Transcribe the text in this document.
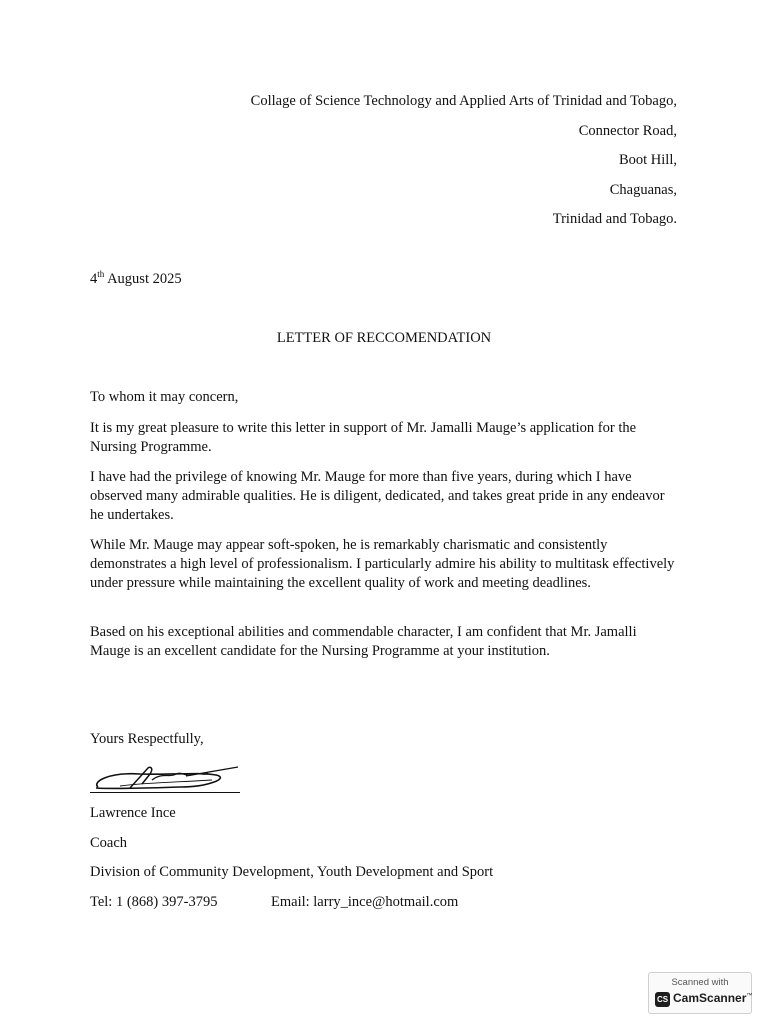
Collage of Science Technology and Applied Arts of Trinidad and Tobago,
Connector Road,
Boot Hill,
Chaguanas,
Trinidad and Tobago.
4th August 2025
LETTER OF RECCOMENDATION
To whom it may concern,
It is my great pleasure to write this letter in support of Mr. Jamalli Mauge’s application for the Nursing Programme.
I have had the privilege of knowing Mr. Mauge for more than five years, during which I have observed many admirable qualities. He is diligent, dedicated, and takes great pride in any endeavor he undertakes.
While Mr. Mauge may appear soft-spoken, he is remarkably charismatic and consistently demonstrates a high level of professionalism. I particularly admire his ability to multitask effectively under pressure while maintaining the excellent quality of work and meeting deadlines.
Based on his exceptional abilities and commendable character, I am confident that Mr. Jamalli Mauge is an excellent candidate for the Nursing Programme at your institution.
Yours Respectfully,
Lawrence Ince
Coach
Division of Community Development, Youth Development and Sport
Tel: 1 (868) 397-3795	Email: larry_ince@hotmail.com
Scanned with
CS CamScanner™
